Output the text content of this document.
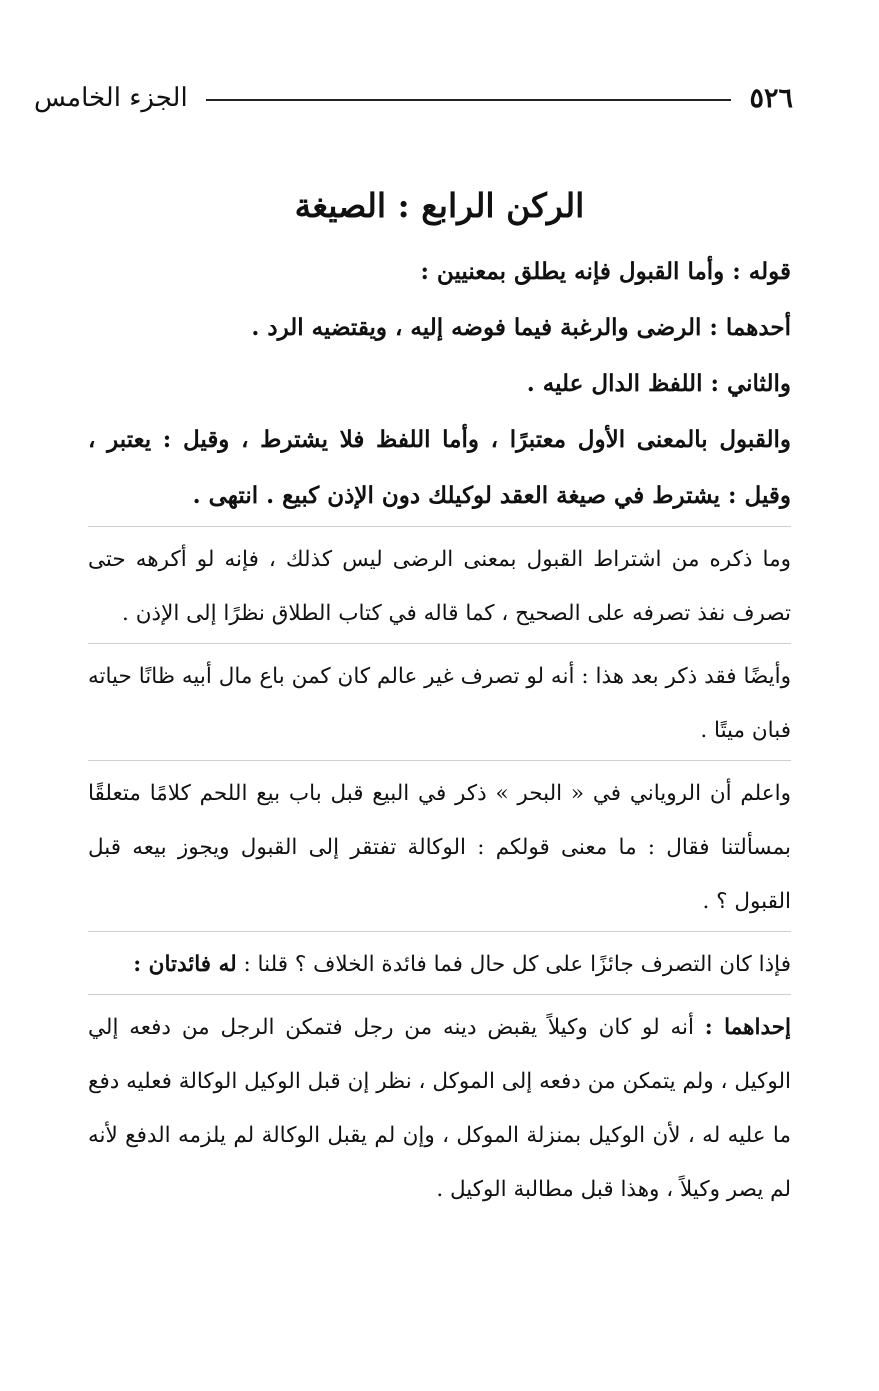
٥٢٦
الجزء الخامس
الركن الرابع : الصيغة

قوله : وأما القبول فإنه يطلق بمعنيين :

أحدهما : الرضى والرغبة فيما فوضه إليه ، ويقتضيه الرد .

والثاني : اللفظ الدال عليه .

والقبول بالمعنى الأول معتبرًا ، وأما اللفظ فلا يشترط ، وقيل : يعتبر ، وقيل : يشترط في صيغة العقد لوكيلك دون الإذن كبيع . انتهى .

وما ذكره من اشتراط القبول بمعنى الرضى ليس كذلك ، فإنه لو أكرهه حتى تصرف نفذ تصرفه على الصحيح ، كما قاله في كتاب الطلاق نظرًا إلى الإذن .

وأيضًا فقد ذكر بعد هذا : أنه لو تصرف غير عالم كان كمن باع مال أبيه ظانًا حياته فبان ميتًا .

واعلم أن الروياني في « البحر » ذكر في البيع قبل باب بيع اللحم كلامًا متعلقًا بمسألتنا فقال : ما معنى قولكم : الوكالة تفتقر إلى القبول ويجوز بيعه قبل القبول ؟ .

فإذا كان التصرف جائزًا على كل حال فما فائدة الخلاف ؟ قلنا : له فائدتان :

إحداهما : أنه لو كان وكيلاً يقبض دينه من رجل فتمكن الرجل من دفعه إلي الوكيل ، ولم يتمكن من دفعه إلى الموكل ، نظر إن قبل الوكيل الوكالة فعليه دفع ما عليه له ، لأن الوكيل بمنزلة الموكل ، وإن لم يقبل الوكالة لم يلزمه الدفع لأنه لم يصر وكيلاً ، وهذا قبل مطالبة الوكيل .
